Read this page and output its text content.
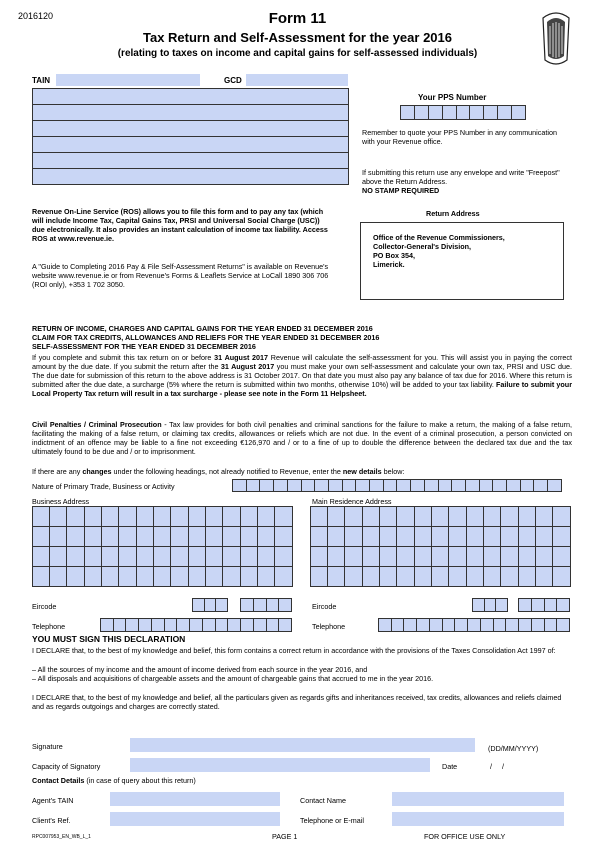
2016120	Form 11
Tax Return and Self-Assessment for the year 2016
(relating to taxes on income and capital gains for self-assessed individuals)
TAIN	GCD
Your PPS Number
Remember to quote your PPS Number in any communication with your Revenue office.
If submitting this return use any envelope and write "Freepost" above the Return Address.
NO STAMP REQUIRED
Return Address
Office of the Revenue Commissioners,
Collector-General's Division,
PO Box 354,
Limerick.
Revenue On-Line Service (ROS) allows you to file this form and to pay any tax (which will include Income Tax, Capital Gains Tax, PRSI and Universal Social Charge (USC)) due electronically. It also provides an instant calculation of income tax liability. Access ROS at www.revenue.ie.
A "Guide to Completing 2016 Pay & File Self-Assessment Returns" is available on Revenue's website www.revenue.ie or from Revenue's Forms & Leaflets Service at LoCall 1890 306 706 (ROI only), +353 1 702 3050.
RETURN OF INCOME, CHARGES AND CAPITAL GAINS FOR THE YEAR ENDED 31 DECEMBER 2016
CLAIM FOR TAX CREDITS, ALLOWANCES AND RELIEFS FOR THE YEAR ENDED 31 DECEMBER 2016
SELF-ASSESSMENT FOR THE YEAR ENDED 31 DECEMBER 2016
If you complete and submit this tax return on or before 31 August 2017 Revenue will calculate the self-assessment for you. This will assist you in paying the correct amount by the due date. If you submit the return after the 31 August 2017 you must make your own self-assessment and calculate your own tax, PRSI and USC due. The due date for submission of this return to the above address is 31 October 2017. On that date you must also pay any balance of tax due for 2016. Where this return is submitted after the due date, a surcharge (5% where the return is submitted within two months, otherwise 10%) will be added to your tax liability. Failure to submit your Local Property Tax return will result in a tax surcharge - please see note in the Form 11 Helpsheet.
Civil Penalties / Criminal Prosecution - Tax law provides for both civil penalties and criminal sanctions for the failure to make a return, the making of a false return, facilitating the making of a false return, or claiming tax credits, allowances or reliefs which are not due. In the event of a criminal prosecution, a person convicted on indictment of an offence may be liable to a fine not exceeding €126,970 and / or to a fine of up to double the difference between the declared tax due and the tax ultimately found to be due and / or to imprisonment.
If there are any changes under the following headings, not already notified to Revenue, enter the new details below:
Nature of Primary Trade, Business or Activity
Business Address	Main Residence Address
Eircode	Eircode
Telephone	Telephone
YOU MUST SIGN THIS DECLARATION
I DECLARE that, to the best of my knowledge and belief, this form contains a correct return in accordance with the provisions of the Taxes Consolidation Act 1997 of:
– All the sources of my income and the amount of income derived from each source in the year 2016, and
– All disposals and acquisitions of chargeable assets and the amount of chargeable gains that accrued to me in the year 2016.
I DECLARE that, to the best of my knowledge and belief, all the particulars given as regards gifts and inheritances received, tax credits, allowances and reliefs claimed and as regards outgoings and charges are correctly stated.
Signature	(DD/MM/YYYY)
Capacity of Signatory	Date	/     /
Contact Details (in case of query about this return)
Agent's TAIN	Contact Name
Client's Ref.	Telephone or E-mail
RPC007953_EN_WB_L_1	PAGE 1	FOR OFFICE USE ONLY
